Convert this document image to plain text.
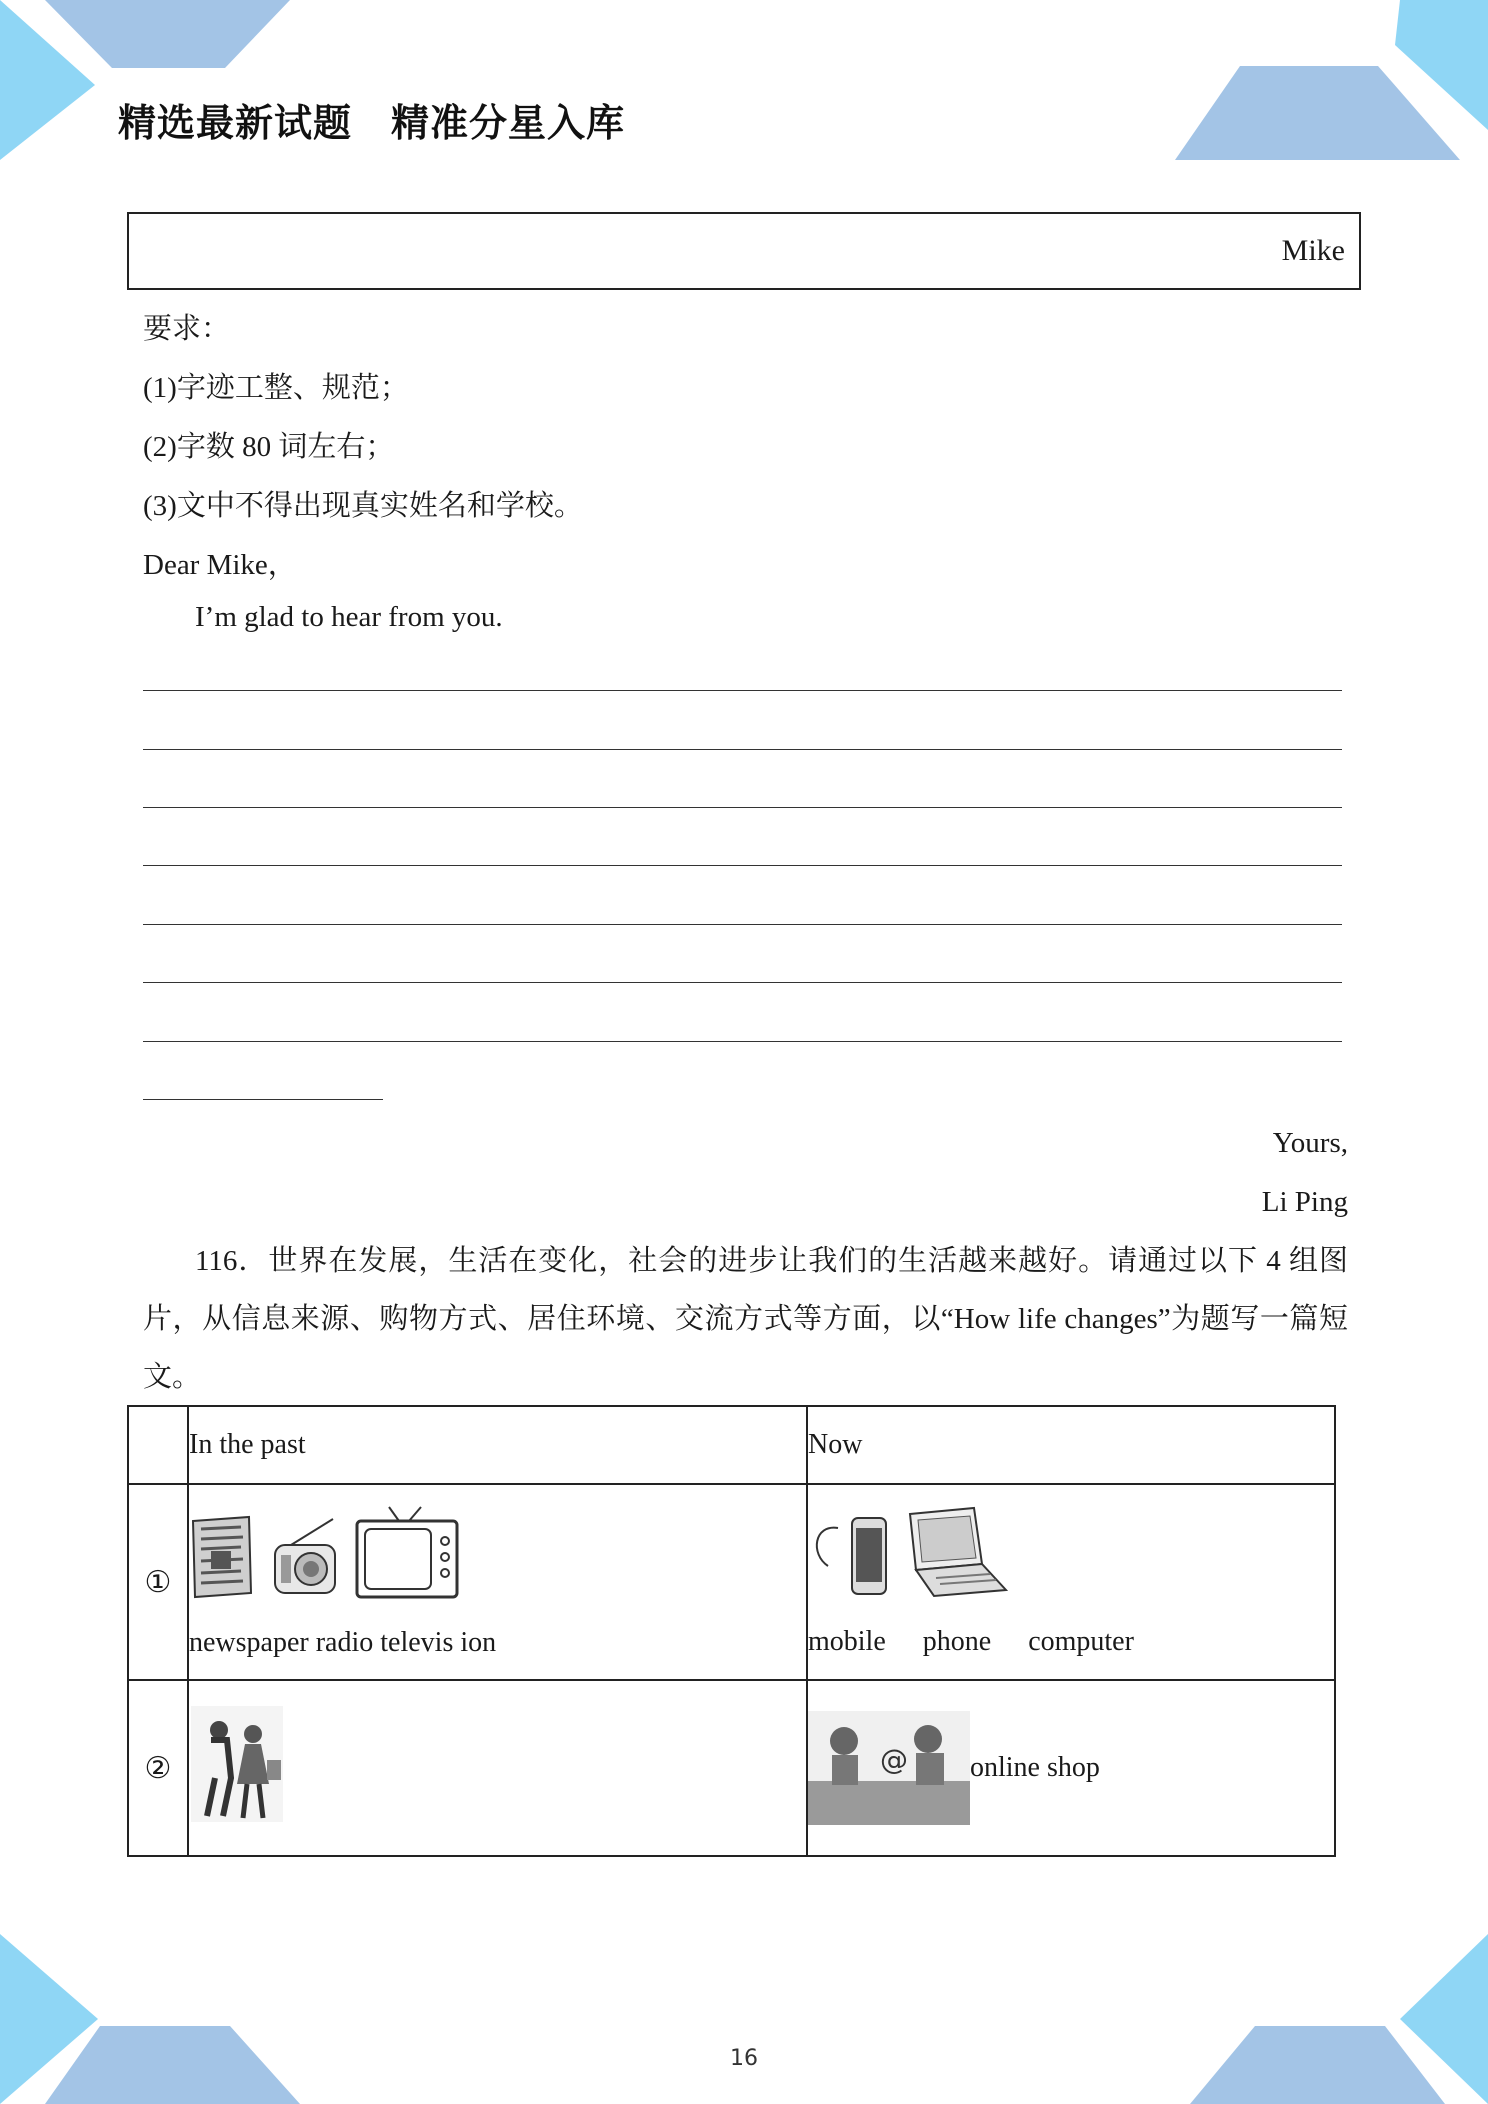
精选最新试题　精准分星入库
Mike
要求：
(1)字迹工整、规范；
(2)字数 80 词左右；
(3)文中不得出现真实姓名和学校。
Dear Mike，
I’m glad to hear from you.
Yours,
Li Ping
116．世界在发展，生活在变化，社会的进步让我们的生活越来越好。请通过以下 4 组图片，从信息来源、购物方式、居住环境、交流方式等方面，以“How life changes”为题写一篇短文。
	In the past	Now
①	newspaper radio televis ion	mobile phone computer

②		@ online shop
16
